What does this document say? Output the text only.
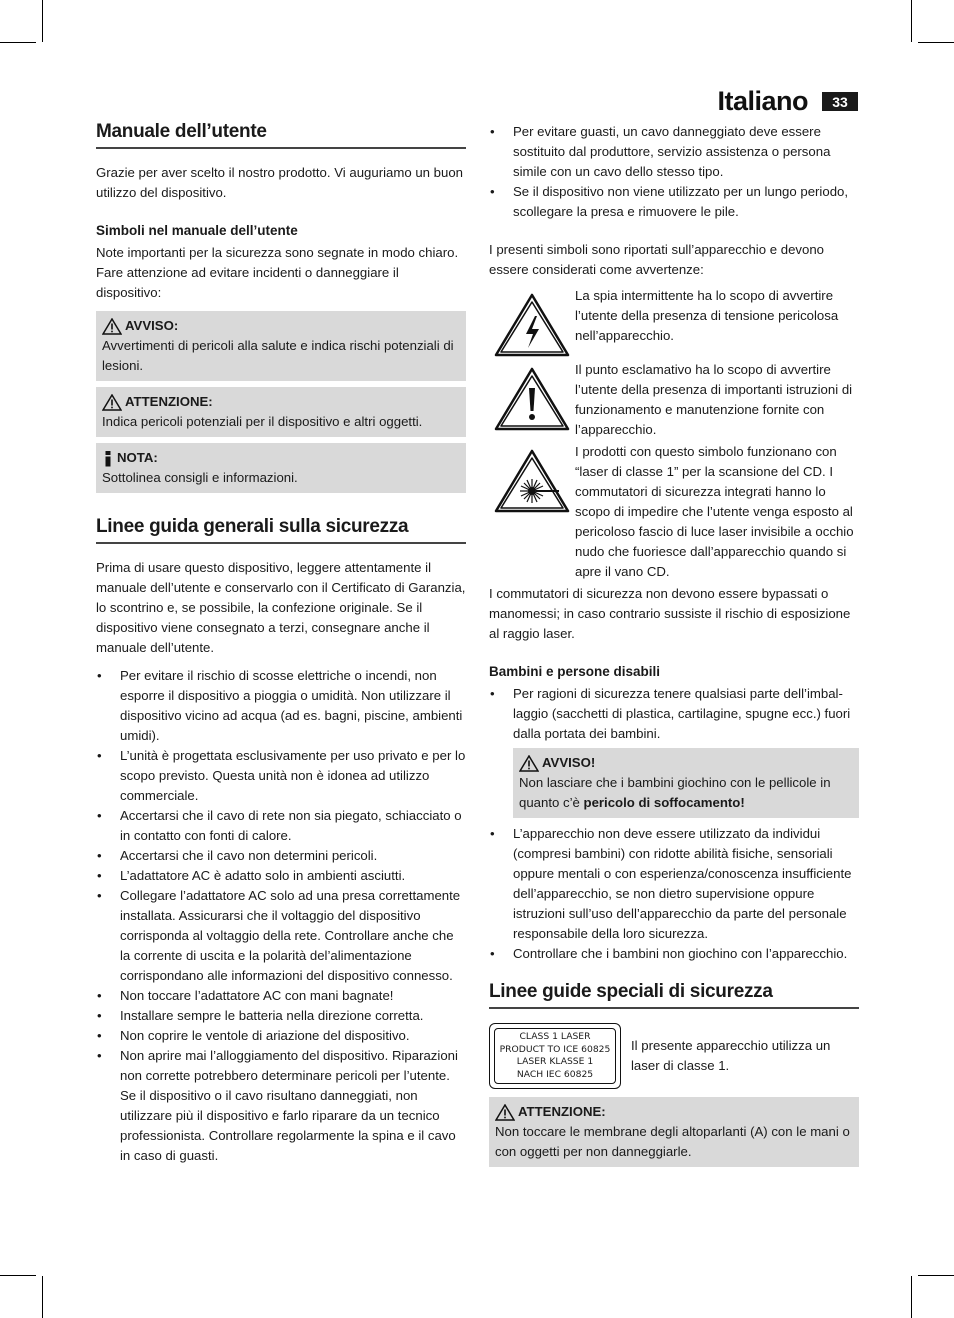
Italiano	33
Manuale dell’utente

Grazie per aver scelto il nostro prodotto. Vi auguriamo un buon utilizzo del dispositivo.

Simboli nel manuale dell’utente

Note importanti per la sicurezza sono segnate in modo chiaro. Fare attenzione ad evitare incidenti o danneggiare il dispositivo:

AVVISO:
Avvertimenti di pericoli alla salute e indica rischi potenziali di lesioni.
ATTENZIONE:
Indica pericoli potenziali per il dispositivo e altri oggetti.
NOTA:
Sottolinea consigli e informazioni.
Linee guida generali sulla sicurezza

Prima di usare questo dispositivo, leggere attentamente il manuale dell’utente e conservarlo con il Certificato di Garanzia, lo scontrino e, se possibile, la confezione originale. Se il dispositivo viene consegnato a terzi, consegnare anche il manuale dell’utente.

• Per evitare il rischio di scosse elettriche o incendi, non esporre il dispositivo a pioggia o umidità. Non utilizzare il dispositivo vicino ad acqua (ad es. bagni, piscine, ambienti umidi).
• L’unità è progettata esclusivamente per uso privato e per lo scopo previsto. Questa unità non è idonea ad utilizzo commerciale.
• Accertarsi che il cavo di rete non sia piegato, schiacciato o in contatto con fonti di calore.
• Accertarsi che il cavo non determini pericoli.
• L’adattatore AC è adatto solo in ambienti asciutti.
• Collegare l’adattatore AC solo ad una presa correttamente installata. Assicurarsi che il voltaggio del dispositivo corrisponda al voltaggio della rete. Controllare anche che la corrente di uscita e la polarità del’alimentazione corrispondano alle informazioni del dispositivo connesso.
• Non toccare l’adattatore AC con mani bagnate!
• Installare sempre le batteria nella direzione corretta.
• Non coprire le ventole di ariazione del dispositivo.
• Non aprire mai l’alloggiamento del dispositivo. Riparazioni non corrette potrebbero determinare pericoli per l’utente. Se il dispositivo o il cavo risultano danneggiati, non utilizzare più il dispositivo e farlo riparare da un tecnico professionista. Controllare regolarmente la spina e il cavo in caso di guasti.
• Per evitare guasti, un cavo danneggiato deve essere sostituito dal produttore, servizio assistenza o persona simile con un cavo dello stesso tipo.
• Se il dispositivo non viene utilizzato per un lungo periodo, scollegare la presa e rimuovere le pile.

I presenti simboli sono riportati sull’apparecchio e devono essere considerati come avvertenze:

La spia intermittente ha lo scopo di avvertire l’utente della presenza di tensione pericolosa nell’apparecchio.
Il punto esclamativo ha lo scopo di avvertire l’utente della presenza di importanti istruzioni di funzionamento e manutenzione fornite con l’apparecchio.
I prodotti con questo simbolo funzionano con “laser di classe 1” per la scansione del CD. I commutatori di sicurezza integrati hanno lo scopo di impedire che l’utente venga esposto al pericoloso fascio di luce laser invisibile a occhio nudo che fuoriesce dall’apparecchio quando si apre il vano CD.

I commutatori di sicurezza non devono essere bypassati o manomessi; in caso contrario sussiste il rischio di esposizione al raggio laser.

Bambini e persone disabili
• Per ragioni di sicurezza tenere qualsiasi parte dell’imballaggio (sacchetti di plastica, cartilagine, spugne ecc.) fuori dalla portata dei bambini.
AVVISO!
Non lasciare che i bambini giochino con le pellicole in quanto c’è pericolo di soffocamento!
• L’apparecchio non deve essere utilizzato da individui (compresi bambini) con ridotte abilità fisiche, sensoriali oppure mentali o con esperienza/conoscenza insufficiente dell’apparecchio, se non dietro supervisione oppure istruzioni sull’uso dell’apparecchio da parte del personale responsabile della loro sicurezza.
• Controllare che i bambini non giochino con l’apparecchio.
Linee guide speciali di sicurezza
CLASS 1 LASER
PRODUCT TO ICE 60825
LASER KLASSE 1
NACH IEC 60825
Il presente apparecchio utilizza un laser di classe 1.
ATTENZIONE:
Non toccare le membrane degli altoparlanti (A) con le mani o con oggetti per non danneggiarle.
